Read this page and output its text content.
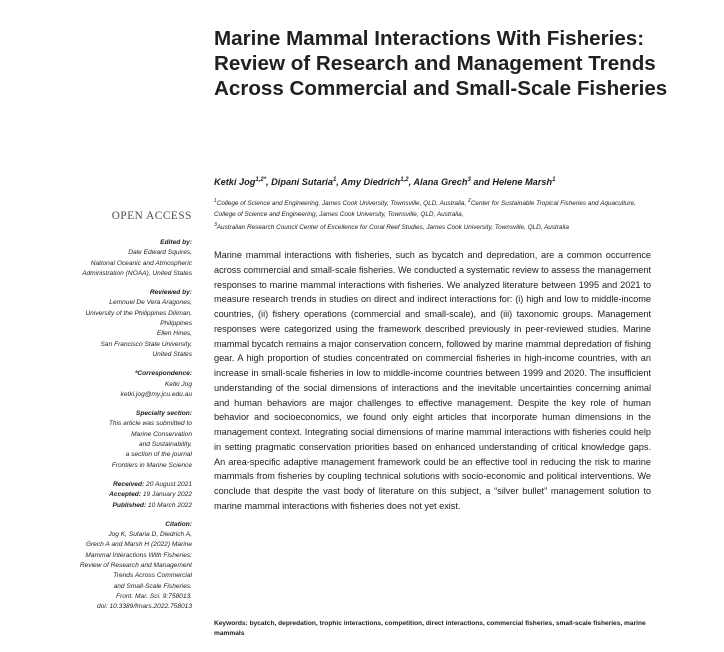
Marine Mammal Interactions With Fisheries: Review of Research and Management Trends Across Commercial and Small-Scale Fisheries

Ketki Jog$^{1,2*}$, Dipani Sutaria$^1$, Amy Diedrich$^{1,2}$, Alana Grech$^3$ and Helene Marsh$^1$

$^1$College of Science and Engineering, James Cook University, Townsville, QLD, Australia, $^2$Center for Sustainable Tropical Fisheries and Aquaculture, College of Science and Engineering, James Cook University, Townsville, QLD, Australia,
$^3$Australian Research Council Center of Excellence for Coral Reef Studies, James Cook University, Townsville, QLD, Australia

OPEN ACCESS
Edited by:
Dale Edward Squires,
National Oceanic and Atmospheric
Administration (NOAA), United States
Reviewed by:
Lemnuel De Vera Aragones,
University of the Philippines Diliman,
Philippines
Ellen Hines,
San Francisco State University,
United States
*Correspondence:
Ketki Jog
ketki.jog@my.jcu.edu.au
Specialty section:
This article was submitted to
Marine Conservation
and Sustainability,
a section of the journal
Frontiers in Marine Science
Received: 20 August 2021
Accepted: 19 January 2022
Published: 10 March 2022
Citation:
Jog K, Sutaria D, Diedrich A,
Grech A and Marsh H (2022) Marine
Mammal Interactions With Fisheries:
Review of Research and Management
Trends Across Commercial
and Small-Scale Fisheries.
Front. Mar. Sci. 9:758013.
doi: 10.3389/fmars.2022.758013

Marine mammal interactions with fisheries, such as bycatch and depredation, are a common occurrence across commercial and small-scale fisheries. We conducted a systematic review to assess the management responses to marine mammal interactions with fisheries. We analyzed literature between 1995 and 2021 to measure research trends in studies on direct and indirect interactions for: (i) high and low to middle-income countries, (ii) fishery operations (commercial and small-scale), and (iii) taxonomic groups. Management responses were categorized using the framework described previously in peer-reviewed studies. Marine mammal bycatch remains a major conservation concern, followed by marine mammal depredation of fishing gear. A high proportion of studies concentrated on commercial fisheries in high-income countries, with an increase in small-scale fisheries in low to middle-income countries between 1999 and 2020. The insufficient understanding of the social dimensions of interactions and the inevitable uncertainties concerning animal and human behaviors are major challenges to effective management. Despite the key role of human behavior and socioeconomics, we found only eight articles that incorporate human dimensions in the management context. Integrating social dimensions of marine mammal interactions with fisheries could help in setting pragmatic conservation priorities based on enhanced understanding of critical knowledge gaps. An area-specific adaptive management framework could be an effective tool in reducing the risk to marine mammals from fisheries by coupling technical solutions with socio-economic and political interventions. We conclude that despite the vast body of literature on this subject, a “silver bullet” management solution to marine mammal interactions with fisheries does not yet exist.

Keywords: bycatch, depredation, trophic interactions, competition, direct interactions, commercial fisheries, small-scale fisheries, marine mammals
